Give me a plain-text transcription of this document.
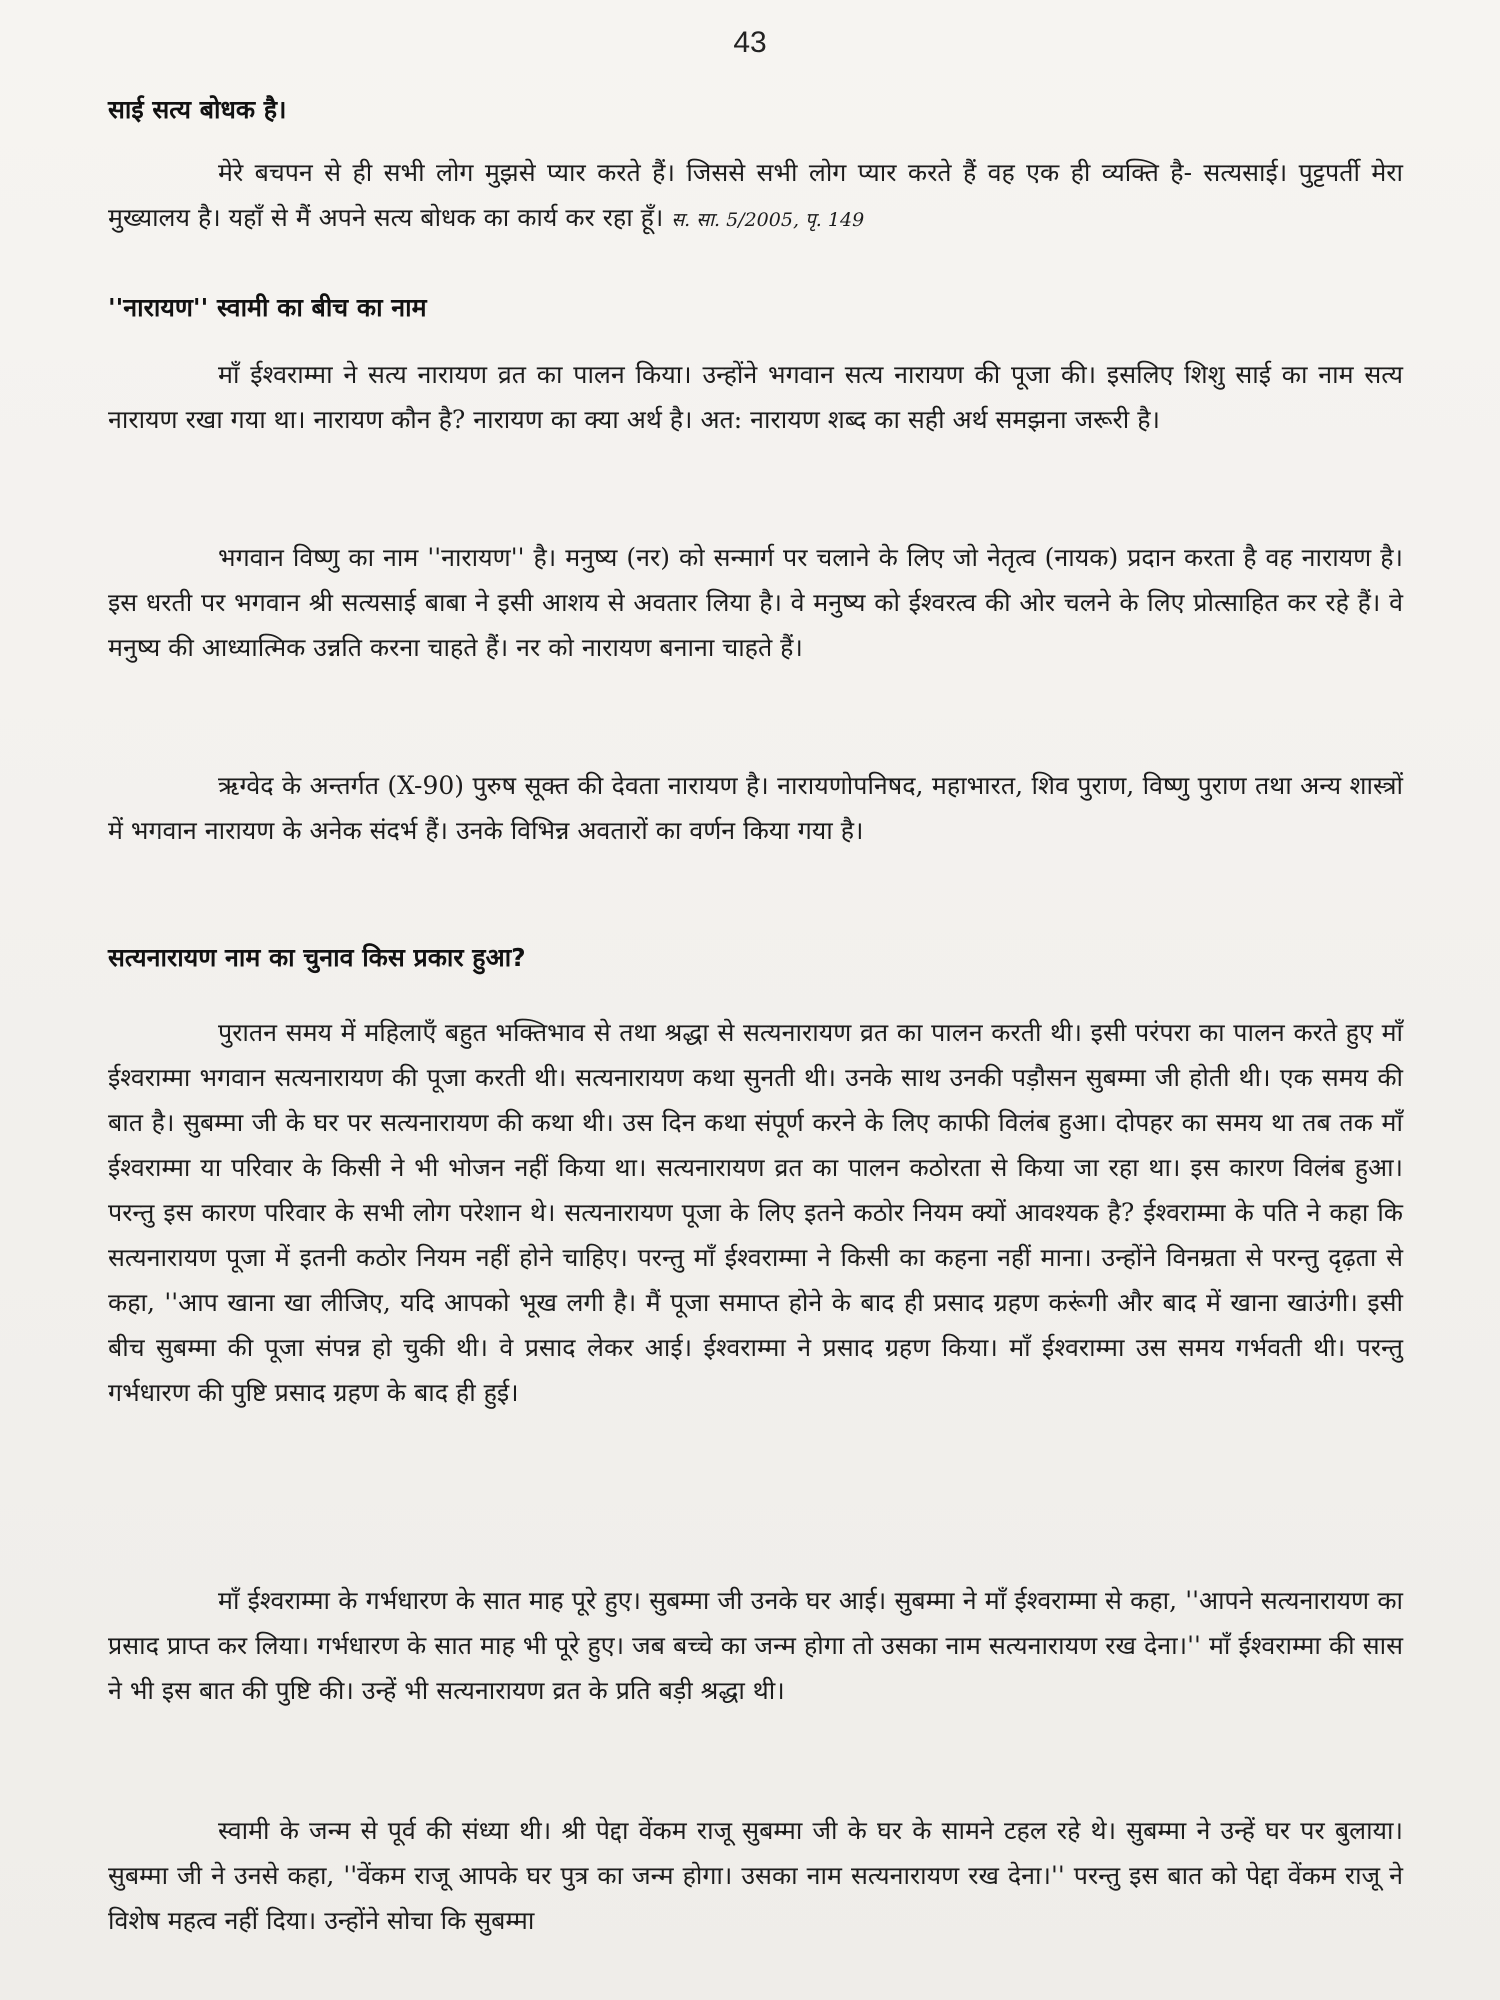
43
साई सत्य बोधक है।

मेरे बचपन से ही सभी लोग मुझसे प्यार करते हैं। जिससे सभी लोग प्यार करते हैं वह एक ही व्यक्ति है- सत्यसाई। पुट्टपर्ती मेरा मुख्यालय है। यहाँ से मैं अपने सत्य बोधक का कार्य कर रहा हूँ। स. सा. 5/2005, पृ. 149

''नारायण'' स्वामी का बीच का नाम

माँ ईश्वराम्मा ने सत्य नारायण व्रत का पालन किया। उन्होंने भगवान सत्य नारायण की पूजा की। इसलिए शिशु साई का नाम सत्य नारायण रखा गया था। नारायण कौन है? नारायण का क्या अर्थ है। अत: नारायण शब्द का सही अर्थ समझना जरूरी है।

भगवान विष्णु का नाम ''नारायण'' है। मनुष्य (नर) को सन्मार्ग पर चलाने के लिए जो नेतृत्व (नायक) प्रदान करता है वह नारायण है। इस धरती पर भगवान श्री सत्यसाई बाबा ने इसी आशय से अवतार लिया है। वे मनुष्य को ईश्वरत्व की ओर चलने के लिए प्रोत्साहित कर रहे हैं। वे मनुष्य की आध्यात्मिक उन्नति करना चाहते हैं। नर को नारायण बनाना चाहते हैं।

ऋग्वेद के अन्तर्गत (X-90) पुरुष सूक्त की देवता नारायण है। नारायणोपनिषद, महाभारत, शिव पुराण, विष्णु पुराण तथा अन्य शास्त्रों में भगवान नारायण के अनेक संदर्भ हैं। उनके विभिन्न अवतारों का वर्णन किया गया है।

सत्यनारायण नाम का चुनाव किस प्रकार हुआ?

पुरातन समय में महिलाएँ बहुत भक्तिभाव से तथा श्रद्धा से सत्यनारायण व्रत का पालन करती थी। इसी परंपरा का पालन करते हुए माँ ईश्वराम्मा भगवान सत्यनारायण की पूजा करती थी। सत्यनारायण कथा सुनती थी। उनके साथ उनकी पड़ौसन सुबम्मा जी होती थी। एक समय की बात है। सुबम्मा जी के घर पर सत्यनारायण की कथा थी। उस दिन कथा संपूर्ण करने के लिए काफी विलंब हुआ। दोपहर का समय था तब तक माँ ईश्वराम्मा या परिवार के किसी ने भी भोजन नहीं किया था। सत्यनारायण व्रत का पालन कठोरता से किया जा रहा था। इस कारण विलंब हुआ। परन्तु इस कारण परिवार के सभी लोग परेशान थे। सत्यनारायण पूजा के लिए इतने कठोर नियम क्यों आवश्यक है? ईश्वराम्मा के पति ने कहा कि सत्यनारायण पूजा में इतनी कठोर नियम नहीं होने चाहिए। परन्तु माँ ईश्वराम्मा ने किसी का कहना नहीं माना। उन्होंने विनम्रता से परन्तु दृढ़ता से कहा, ''आप खाना खा लीजिए, यदि आपको भूख लगी है। मैं पूजा समाप्त होने के बाद ही प्रसाद ग्रहण करूंगी और बाद में खाना खाउंगी। इसी बीच सुबम्मा की पूजा संपन्न हो चुकी थी। वे प्रसाद लेकर आई। ईश्वराम्मा ने प्रसाद ग्रहण किया। माँ ईश्वराम्मा उस समय गर्भवती थी। परन्तु गर्भधारण की पुष्टि प्रसाद ग्रहण के बाद ही हुई।

माँ ईश्वराम्मा के गर्भधारण के सात माह पूरे हुए। सुबम्मा जी उनके घर आई। सुबम्मा ने माँ ईश्वराम्मा से कहा, ''आपने सत्यनारायण का प्रसाद प्राप्त कर लिया। गर्भधारण के सात माह भी पूरे हुए। जब बच्चे का जन्म होगा तो उसका नाम सत्यनारायण रख देना।'' माँ ईश्वराम्मा की सास ने भी इस बात की पुष्टि की। उन्हें भी सत्यनारायण व्रत के प्रति बड़ी श्रद्धा थी।

स्वामी के जन्म से पूर्व की संध्या थी। श्री पेद्दा वेंकम राजू सुबम्मा जी के घर के सामने टहल रहे थे। सुबम्मा ने उन्हें घर पर बुलाया। सुबम्मा जी ने उनसे कहा, ''वेंकम राजू आपके घर पुत्र का जन्म होगा। उसका नाम सत्यनारायण रख देना।'' परन्तु इस बात को पेद्दा वेंकम राजू ने विशेष महत्व नहीं दिया। उन्होंने सोचा कि सुबम्मा
